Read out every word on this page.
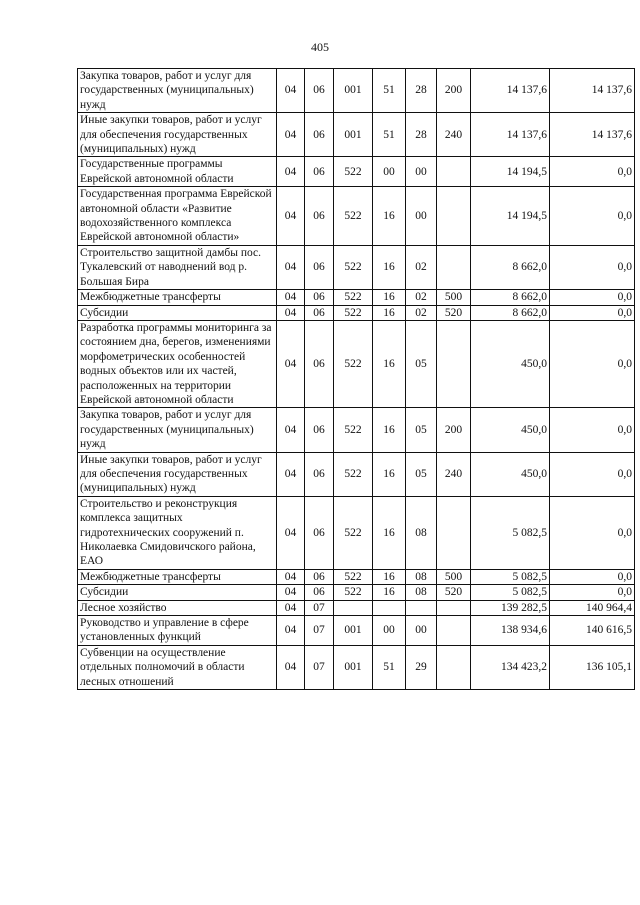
405
Закупка товаров, работ и услуг для государственных (муниципальных) нужд	04	06	001	51	28	200	14 137,6	14 137,6
Иные закупки товаров, работ и услуг для обеспечения государственных (муниципальных) нужд	04	06	001	51	28	240	14 137,6	14 137,6
Государственные программы Еврейской автономной области	04	06	522	00	00		14 194,5	0,0
Государственная программа Еврейской автономной области «Развитие водохозяйственного комплекса Еврейской автономной области»	04	06	522	16	00		14 194,5	0,0
Строительство защитной дамбы пос. Тукалевский от наводнений вод р. Большая Бира	04	06	522	16	02		8 662,0	0,0
Межбюджетные трансферты	04	06	522	16	02	500	8 662,0	0,0
Субсидии	04	06	522	16	02	520	8 662,0	0,0
Разработка программы мониторинга за состоянием дна, берегов, изменениями морфометрических особенностей водных объектов или их частей, расположенных на территории Еврейской автономной области	04	06	522	16	05		450,0	0,0
Закупка товаров, работ и услуг для государственных (муниципальных) нужд	04	06	522	16	05	200	450,0	0,0
Иные закупки товаров, работ и услуг для обеспечения государственных (муниципальных) нужд	04	06	522	16	05	240	450,0	0,0
Строительство и реконструкция комплекса защитных гидротехнических сооружений п. Николаевка Смидовичского района, ЕАО	04	06	522	16	08		5 082,5	0,0
Межбюджетные трансферты	04	06	522	16	08	500	5 082,5	0,0
Субсидии	04	06	522	16	08	520	5 082,5	0,0
Лесное хозяйство	04	07					139 282,5	140 964,4
Руководство и управление в сфере установленных функций	04	07	001	00	00		138 934,6	140 616,5
Субвенции на осуществление отдельных полномочий в области лесных отношений	04	07	001	51	29		134 423,2	136 105,1
